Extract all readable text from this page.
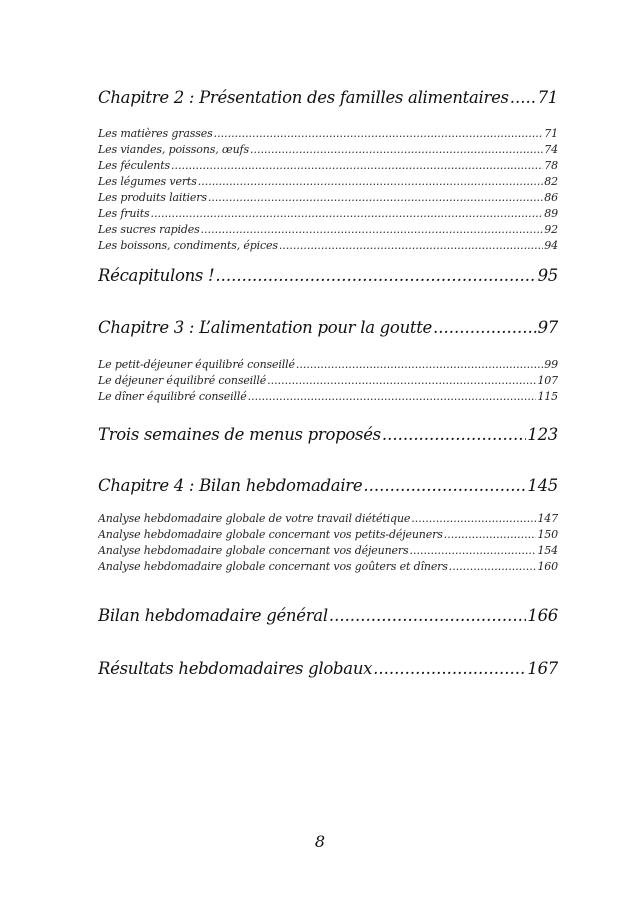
Chapitre 2 : Présentation des familles alimentaires ..... 71
Les matières grasses .....	71
Les viandes, poissons, œufs .....	74
Les féculents .....	78
Les légumes verts .....	82
Les produits laitiers .....	86
Les fruits .....	89
Les sucres rapides .....	92
Les boissons, condiments, épices .....	94
Récapitulons ! .....	95
Chapitre 3 : L’alimentation pour la goutte .....	97
Le petit-déjeuner équilibré conseillé .....	99
Le déjeuner équilibré conseillé .....	107
Le dîner équilibré conseillé .....	115
Trois semaines de menus proposés .....	123
Chapitre 4 : Bilan hebdomadaire .....	145
Analyse hebdomadaire globale de votre travail diététique .....	147
Analyse hebdomadaire globale concernant vos petits-déjeuners .....	150
Analyse hebdomadaire globale concernant vos déjeuners .....	154
Analyse hebdomadaire globale concernant vos goûters et dîners .....	160
Bilan hebdomadaire général .....	166
Résultats hebdomadaires globaux .....	167
8
